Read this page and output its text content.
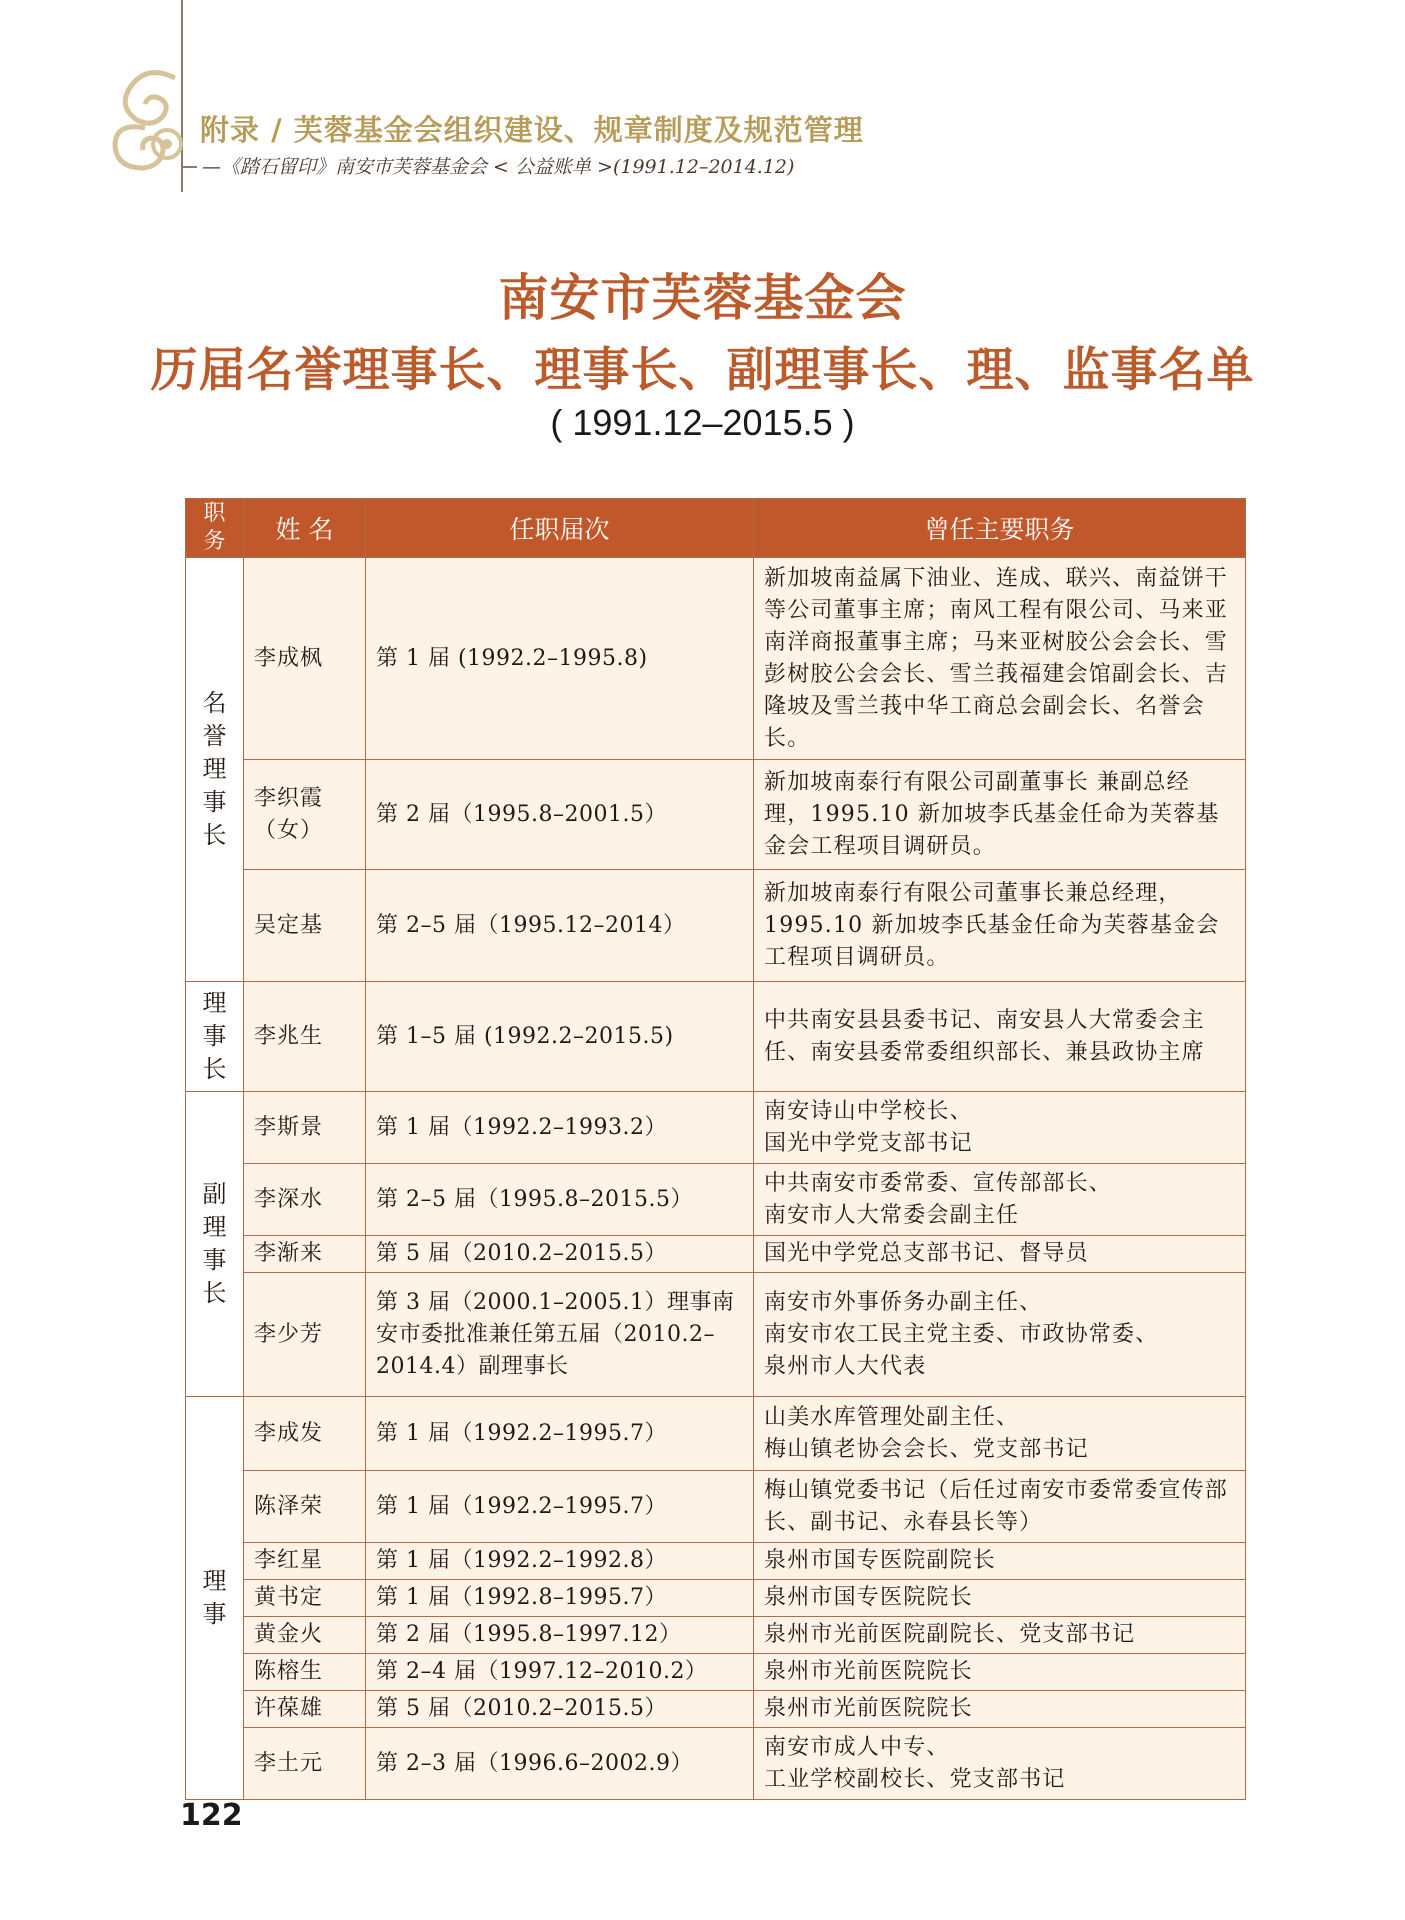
附录 / 芙蓉基金会组织建设、规章制度及规范管理
—《踏石留印》南安市芙蓉基金会 < 公益账单 >(1991.12–2014.12)
南安市芙蓉基金会
历届名誉理事长、理事长、副理事长、理、监事名单
( 1991.12–2015.5 )
职务	姓 名	任职届次	曾任主要职务
名誉理事长	李成枫	第 1 届 (1992.2–1995.8)	新加坡南益属下油业、连成、联兴、南益饼干等公司董事主席；南风工程有限公司、马来亚南洋商报董事主席；马来亚树胶公会会长、雪彭树胶公会会长、雪兰莪福建会馆副会长、吉隆坡及雪兰莪中华工商总会副会长、名誉会长。
	李织霞（女）	第 2 届（1995.8–2001.5）	新加坡南泰行有限公司副董事长 兼副总经理，1995.10 新加坡李氏基金任命为芙蓉基金会工程项目调研员。
	吴定基	第 2–5 届（1995.12–2014）	新加坡南泰行有限公司董事长兼总经理，1995.10 新加坡李氏基金任命为芙蓉基金会工程项目调研员。
理事长	李兆生	第 1–5 届 (1992.2–2015.5)	中共南安县县委书记、南安县人大常委会主任、南安县委常委组织部长、兼县政协主席
副理事长	李斯景	第 1 届（1992.2–1993.2）	南安诗山中学校长、
国光中学党支部书记
	李深水	第 2–5 届（1995.8–2015.5）	中共南安市委常委、宣传部部长、
南安市人大常委会副主任
	李渐来	第 5 届（2010.2–2015.5）	国光中学党总支部书记、督导员
	李少芳	第 3 届（2000.1–2005.1）理事南安市委批准兼任第五届（2010.2–2014.4）副理事长	南安市外事侨务办副主任、
南安市农工民主党主委、市政协常委、
泉州市人大代表
理事	李成发	第 1 届（1992.2–1995.7）	山美水库管理处副主任、
梅山镇老协会会长、党支部书记
	陈泽荣	第 1 届（1992.2–1995.7）	梅山镇党委书记（后任过南安市委常委宣传部长、副书记、永春县长等）
	李红星	第 1 届（1992.2–1992.8）	泉州市国专医院副院长
	黄书定	第 1 届（1992.8–1995.7）	泉州市国专医院院长
	黄金火	第 2 届（1995.8–1997.12）	泉州市光前医院副院长、党支部书记
	陈榕生	第 2–4 届（1997.12–2010.2）	泉州市光前医院院长
	许葆雄	第 5 届（2010.2–2015.5）	泉州市光前医院院长
	李土元	第 2–3 届（1996.6–2002.9）	南安市成人中专、
工业学校副校长、党支部书记
122
